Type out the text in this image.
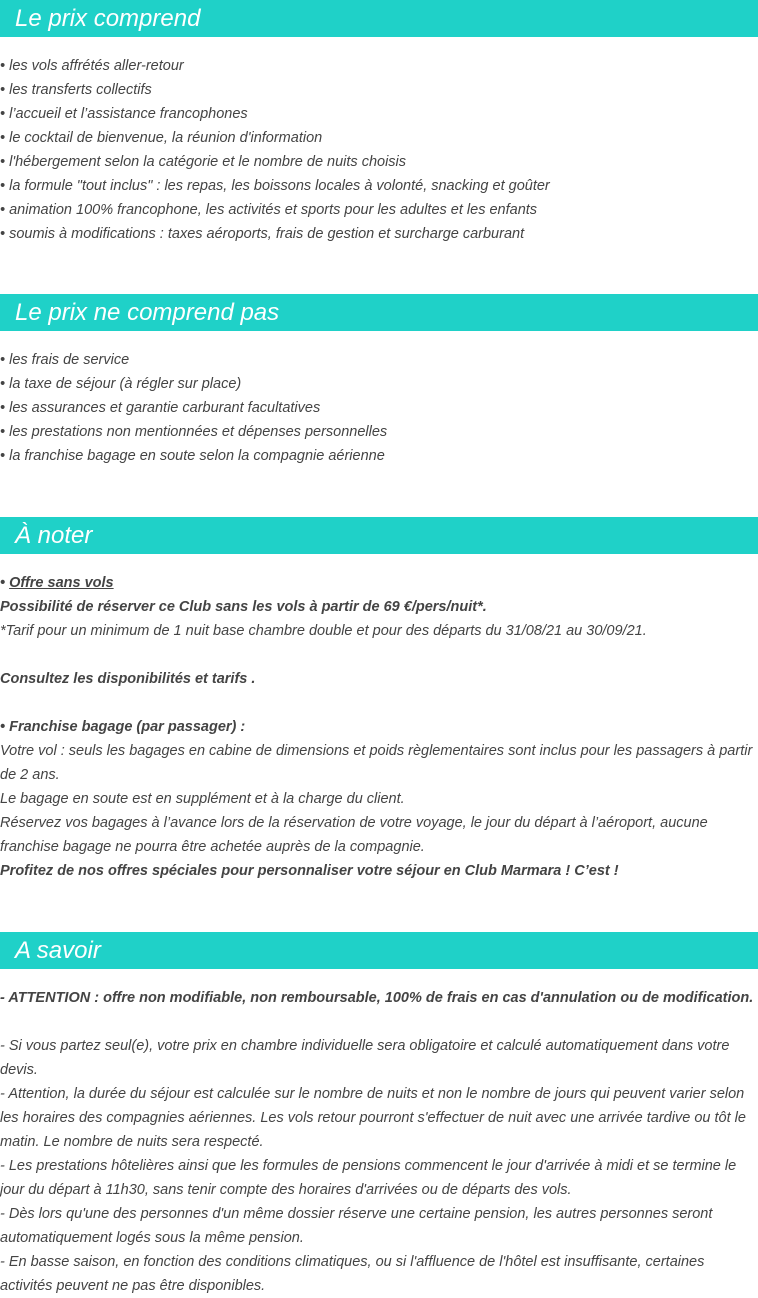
Le prix comprend
• les vols affrétés aller-retour
• les transferts collectifs
• l’accueil et l’assistance francophones
• le cocktail de bienvenue, la réunion d'information
• l'hébergement selon la catégorie et le nombre de nuits choisis
• la formule "tout inclus" : les repas, les boissons locales à volonté, snacking et goûter
• animation 100% francophone, les activités et sports pour les adultes et les enfants
• soumis à modifications : taxes aéroports, frais de gestion et surcharge carburant
Le prix ne comprend pas
• les frais de service
• la taxe de séjour (à régler sur place)
• les assurances et garantie carburant facultatives
• les prestations non mentionnées et dépenses personnelles
• la franchise bagage en soute selon la compagnie aérienne
À noter
• Offre sans vols
Possibilité de réserver ce Club sans les vols à partir de 69 €/pers/nuit*.
*Tarif pour un minimum de 1 nuit base chambre double et pour des départs du 31/08/21 au 30/09/21.
Consultez les disponibilités et tarifs .
• Franchise bagage (par passager) :
Votre vol : seuls les bagages en cabine de dimensions et poids règlementaires sont inclus pour les passagers à partir de 2 ans.
Le bagage en soute est en supplément et à la charge du client.
Réservez vos bagages à l’avance lors de la réservation de votre voyage, le jour du départ à l’aéroport, aucune franchise bagage ne pourra être achetée auprès de la compagnie.
Profitez de nos offres spéciales pour personnaliser votre séjour en Club Marmara ! C’est !
A savoir
- ATTENTION : offre non modifiable, non remboursable, 100% de frais en cas d'annulation ou de modification.
- Si vous partez seul(e), votre prix en chambre individuelle sera obligatoire et calculé automatiquement dans votre devis.
- Attention, la durée du séjour est calculée sur le nombre de nuits et non le nombre de jours qui peuvent varier selon les horaires des compagnies aériennes. Les vols retour pourront s'effectuer de nuit avec une arrivée tardive ou tôt le matin. Le nombre de nuits sera respecté.
- Les prestations hôtelières ainsi que les formules de pensions commencent le jour d'arrivée à midi et se termine le jour du départ à 11h30, sans tenir compte des horaires d'arrivées ou de départs des vols.
- Dès lors qu'une des personnes d'un même dossier réserve une certaine pension, les autres personnes seront automatiquement logés sous la même pension.
- En basse saison, en fonction des conditions climatiques, ou si l'affluence de l'hôtel est insuffisante, certaines activités peuvent ne pas être disponibles.
